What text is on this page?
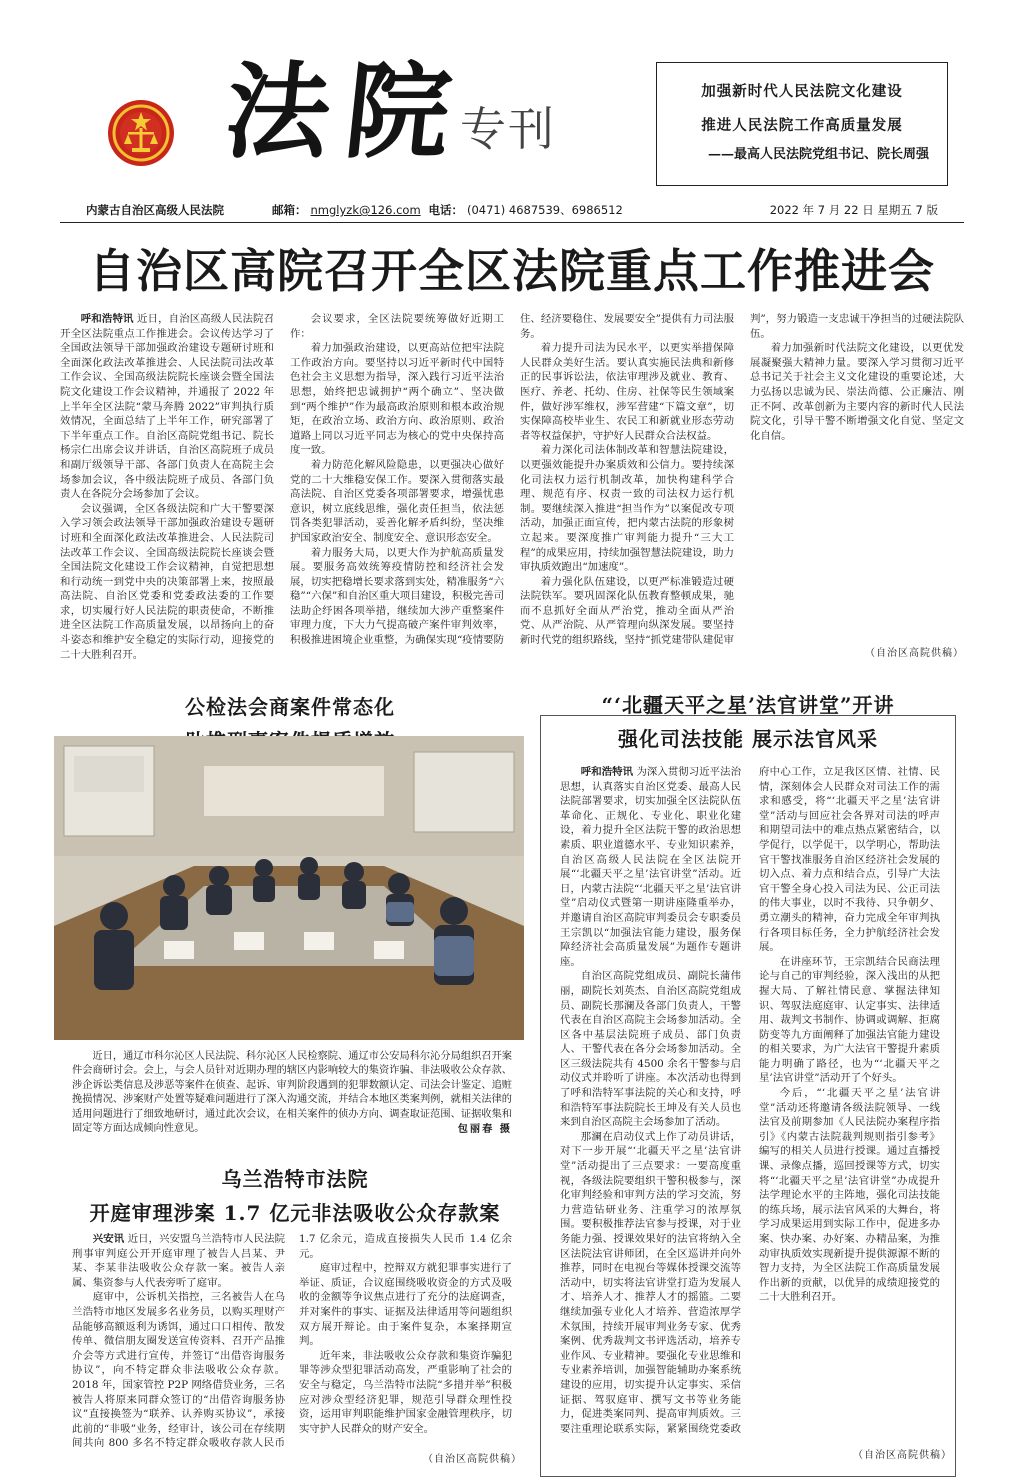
法院
专刊
加强新时代人民法院文化建设
推进人民法院工作高质量发展
——最高人民法院党组书记、院长周强
内蒙古自治区高级人民法院	邮箱： nmglyzk@126.com 电话： (0471) 4687539、6986512	2022 年 7 月 22 日 星期五 7 版
自治区高院召开全区法院重点工作推进会

呼和浩特讯 近日，自治区高级人民法院召开全区法院重点工作推进会。会议传达学习了全国政法领导干部加强政治建设专题研讨班和全面深化政法改革推进会、人民法院司法改革工作会议、全国高级法院院长座谈会暨全国法院文化建设工作会议精神，并通报了 2022 年上半年全区法院“蒙马奔腾 2022”审判执行质效情况，全面总结了上半年工作，研究部署了下半年重点工作。自治区高院党组书记、院长杨宗仁出席会议并讲话，自治区高院班子成员和副厅级领导干部、各部门负责人在高院主会场参加会议，各中级法院班子成员、各部门负责人在各院分会场参加了会议。

会议强调，全区各级法院和广大干警要深入学习领会政法领导干部加强政治建设专题研讨班和全面深化政法改革推进会、人民法院司法改革工作会议、全国高级法院院长座谈会暨全国法院文化建设工作会议精神，自觉把思想和行动统一到党中央的决策部署上来，按照最高法院、自治区党委和党委政法委的工作要求，切实履行好人民法院的职责使命，不断推进全区法院工作高质量发展，以昂扬向上的奋斗姿态和维护安全稳定的实际行动，迎接党的二十大胜利召开。

会议要求，全区法院要统筹做好近期工作：

着力加强政治建设，以更高站位把牢法院工作政治方向。要坚持以习近平新时代中国特色社会主义思想为指导，深入践行习近平法治思想，始终把忠诚拥护“两个确立”、坚决做到“两个维护”作为最高政治原则和根本政治规矩，在政治立场、政治方向、政治原则、政治道路上同以习近平同志为核心的党中央保持高度一致。

着力防范化解风险隐患，以更强决心做好党的二十大维稳安保工作。要深入贯彻落实最高法院、自治区党委各项部署要求，增强忧患意识，树立底线思维，强化责任担当，依法惩罚各类犯罪活动，妥善化解矛盾纠纷，坚决维护国家政治安全、制度安全、意识形态安全。

着力服务大局，以更大作为护航高质量发展。要服务高效统筹疫情防控和经济社会发展，切实把稳增长要求落到实处，精准服务“六稳”“六保”和自治区重大项目建设，积极完善司法助企纾困各项举措，继续加大涉产重整案件审理力度，下大力气提高破产案件审判效率，积极推进困境企业重整，为确保实现“疫情要防住、经济要稳住、发展要安全”提供有力司法服务。

着力提升司法为民水平，以更实举措保障人民群众美好生活。要认真实施民法典和新修正的民事诉讼法，依法审理涉及就业、教育、医疗、养老、托幼、住房、社保等民生领域案件，做好涉军维权，涉军营建“下篇文章”，切实保障高校毕业生、农民工和新就业形态劳动者等权益保护，守护好人民群众合法权益。

着力深化司法体制改革和智慧法院建设，以更强效能提升办案质效和公信力。要持续深化司法权力运行机制改革，加快构建科学合理、规范有序、权责一致的司法权力运行机制。要继续深入推进“担当作为”以案促改专项活动，加强正面宣传，把内蒙古法院的形象树立起来。要深度推广审判能力提升“三大工程”的成果应用，持续加强智慧法院建设，助力审执质效跑出“加速度”。

着力强化队伍建设，以更严标准锻造过硬法院铁军。要巩固深化队伍教育整顿成果，驰而不息抓好全面从严治党，推动全面从严治党、从严治院、从严管理向纵深发展。要坚持新时代党的组织路线，坚持“抓党建带队建促审判”，努力锻造一支忠诚干净担当的过硬法院队伍。

着力加强新时代法院文化建设，以更优发展凝聚强大精神力量。要深入学习贯彻习近平总书记关于社会主义文化建设的重要论述，大力弘扬以忠诚为民、崇法尚德、公正廉洁、刚正不阿、改革创新为主要内容的新时代人民法院文化，引导干警不断增强文化自觉、坚定文化自信。

（自治区高院供稿）
公检法会商案件常态化
近日，通辽市科尔沁区人民法院、科尔沁区人民检察院、通辽市公安局科尔沁分局组织召开案件会商研讨会。会上，与会人员针对近期办理的辖区内影响较大的集资诈骗、非法吸收公众存款、涉企诉讼类信息及涉恶等案件在侦查、起诉、审判阶段遇到的犯罪数额认定、司法会计鉴定、追赃挽损情况、涉案财产处置等疑难问题进行了深入沟通交流，并结合本地区类案判例，就相关法律的适用问题进行了细致地研讨，通过此次会议，在相关案件的侦办方向、调查取证范围、证据收集和固定等方面达成倾向性意见。	包丽春 摄
乌兰浩特市法院
开庭审理涉案 1.7 亿元非法吸收公众存款案

兴安讯 近日，兴安盟乌兰浩特市人民法院刑事审判庭公开开庭审理了被告人吕某、尹某、李某非法吸收公众存款一案。被告人亲属、集资参与人代表旁听了庭审。

庭审中，公诉机关指控，三名被告人在乌兰浩特市地区发展多名业务员，以购买理财产品能够高额返利为诱饵，通过口口相传、散发传单、微信朋友圈发送宣传资料、召开产品推介会等方式进行宣传，并签订“出借咨询服务协议”，向不特定群众非法吸收公众存款。2018 年，国家管控 P2P 网络借贷业务，三名被告人将原来同群众签订的“出借咨询服务协议”直接换签为“联养、认养购买协议”，承接此前的“非吸”业务，经审计，该公司在存续期间共向 800 多名不特定群众吸收存款人民币 1.7 亿余元，造成直接损失人民币 1.4 亿余元。

庭审过程中，控辩双方就犯罪事实进行了举证、质证，合议庭围绕吸收资金的方式及吸收的金额等争议焦点进行了充分的法庭调查，并对案件的事实、证据及法律适用等问题组织双方展开辩论。由于案件复杂，本案择期宣判。

近年来，非法吸收公众存款和集资诈骗犯罪等涉众型犯罪活动高发，严重影响了社会的安全与稳定，乌兰浩特市法院“多措并举”积极应对涉众型经济犯罪，规范引导群众理性投资，运用审判职能维护国家金融管理秩序，切实守护人民群众的财产安全。

（自治区高院供稿）
“‘北疆天平之星’法官讲堂”开讲
强化司法技能 展示法官风采

呼和浩特讯 为深入贯彻习近平法治思想，认真落实自治区党委、最高人民法院部署要求，切实加强全区法院队伍革命化、正规化、专业化、职业化建设，着力提升全区法院干警的政治思想素质、职业道德水平、专业知识素养，自治区高级人民法院在全区法院开展“‘北疆天平之星’法官讲堂”活动。近日，内蒙古法院“‘北疆天平之星’法官讲堂”启动仪式暨第一期讲座隆重举办，并邀请自治区高院审判委员会专职委员王宗凯以“加强法官能力建设，服务保障经济社会高质量发展”为题作专题讲座。

自治区高院党组成员、副院长蒲伟丽，副院长刘英杰、自治区高院党组成员、副院长那澜及各部门负责人，干警代表在自治区高院主会场参加活动。全区各中基层法院班子成员、部门负责人、干警代表在各分会场参加活动。全区三级法院共有 4500 余名干警参与启动仪式并聆听了讲座。本次活动也得到了呼和浩特军事法院的关心和支持，呼和浩特军事法院院长王坤及有关人员也来到自治区高院主会场参加了活动。

那澜在启动仪式上作了动员讲话，对下一步开展“‘北疆天平之星’法官讲堂”活动提出了三点要求：一要高度重视，各级法院要组织干警积极参与，深化审判经验和审判方法的学习交流，努力营造钻研业务、注重学习的浓厚氛围。要积极推荐法官参与授课，对于业务能力强、授课效果好的法官将纳入全区法院法官讲师团，在全区巡讲并向外推荐，同时在电视台等媒体授课交流等活动中，切实将法官讲堂打造为发展人才、培养人才、推荐人才的摇篮。二要继续加强专业化人才培养、营造浓厚学术氛围，持续开展审判业务专家、优秀案例、优秀裁判文书评选活动，培养专业作风、专业精神。要强化专业思维和专业素养培训，加强智能辅助办案系统建设的应用，切实提升认定事实、采信证据、驾驭庭审、撰写文书等业务能力，促进类案同判、提高审判质效。三要注重理论联系实际，紧紧围绕党委政府中心工作，立足我区区情、社情、民情，深刻体会人民群众对司法工作的需求和感受，将“‘北疆天平之星’法官讲堂”活动与回应社会各界对司法的呼声和期望司法中的难点热点紧密结合，以学促行，以学促干，以学明心，帮助法官干警找准服务自治区经济社会发展的切入点、着力点和结合点，引导广大法官干警全身心投入司法为民、公正司法的伟大事业，以时不我待、只争朝夕、勇立潮头的精神，奋力完成全年审判执行各项目标任务，全力护航经济社会发展。

在讲座环节，王宗凯结合民商法理论与自己的审判经验，深入浅出的从把握大局、了解社情民意、掌握法律知识、驾驭法庭庭审、认定事实、法律适用、裁判文书制作、协调或调解、拒腐防变等九方面阐释了加强法官能力建设的相关要求，为广大法官干警提升素质能力明确了路径，也为“‘北疆天平之星’法官讲堂”活动开了个好头。

今后，“‘北疆天平之星’法官讲堂”活动还将邀请各级法院领导、一线法官及前期参加《人民法院办案程序指引》《内蒙古法院裁判规则指引参考》编写的相关人员进行授课。通过直播授课、录像点播，巡回授课等方式，切实将“‘北疆天平之星’法官讲堂”办成提升法学理论水平的主阵地，强化司法技能的练兵场，展示法官风采的大舞台，将学习成果运用到实际工作中，促进多办案、快办案、办好案、办精品案，为推动审执质效实现新提升提供源源不断的智力支持，为全区法院工作高质量发展作出新的贡献，以优异的成绩迎接党的二十大胜利召开。

（自治区高院供稿）
